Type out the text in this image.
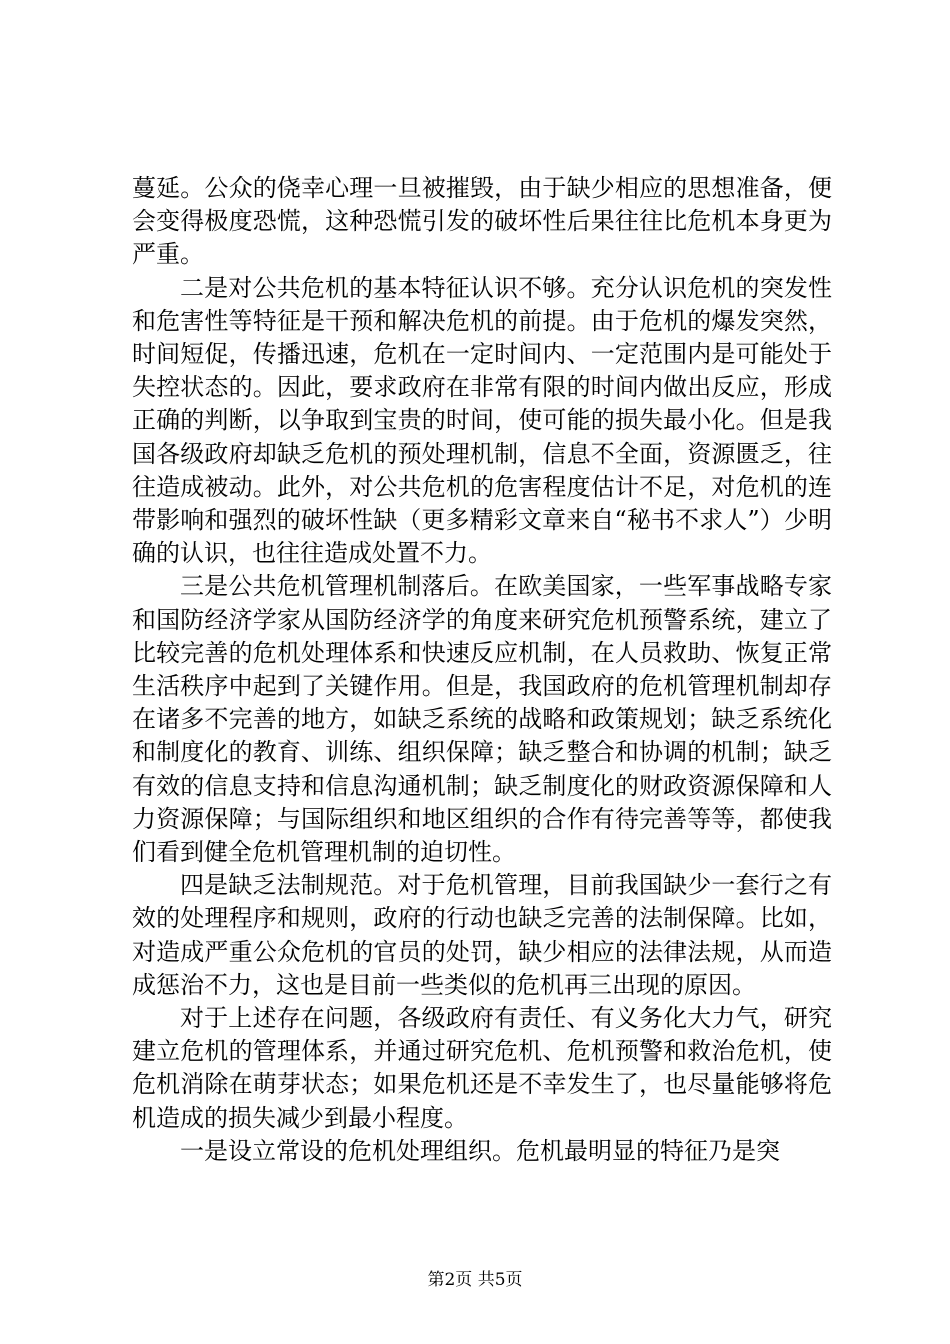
蔓延。公众的侥幸心理一旦被摧毁，由于缺少相应的思想准备，便会变得极度恐慌，这种恐慌引发的破坏性后果往往比危机本身更为严重。

二是对公共危机的基本特征认识不够。充分认识危机的突发性和危害性等特征是干预和解决危机的前提。由于危机的爆发突然，时间短促，传播迅速，危机在一定时间内、一定范围内是可能处于失控状态的。因此，要求政府在非常有限的时间内做出反应，形成正确的判断，以争取到宝贵的时间，使可能的损失最小化。但是我国各级政府却缺乏危机的预处理机制，信息不全面，资源匮乏，往往造成被动。此外，对公共危机的危害程度估计不足，对危机的连带影响和强烈的破坏性缺（更多精彩文章来自“秘书不求人”）少明确的认识，也往往造成处置不力。

三是公共危机管理机制落后。在欧美国家，一些军事战略专家和国防经济学家从国防经济学的角度来研究危机预警系统，建立了比较完善的危机处理体系和快速反应机制，在人员救助、恢复正常生活秩序中起到了关键作用。但是，我国政府的危机管理机制却存在诸多不完善的地方，如缺乏系统的战略和政策规划；缺乏系统化和制度化的教育、训练、组织保障；缺乏整合和协调的机制；缺乏有效的信息支持和信息沟通机制；缺乏制度化的财政资源保障和人力资源保障；与国际组织和地区组织的合作有待完善等等，都使我们看到健全危机管理机制的迫切性。

四是缺乏法制规范。对于危机管理，目前我国缺少一套行之有效的处理程序和规则，政府的行动也缺乏完善的法制保障。比如，对造成严重公众危机的官员的处罚，缺少相应的法律法规，从而造成惩治不力，这也是目前一些类似的危机再三出现的原因。

对于上述存在问题，各级政府有责任、有义务化大力气，研究建立危机的管理体系，并通过研究危机、危机预警和救治危机，使危机消除在萌芽状态；如果危机还是不幸发生了，也尽量能够将危机造成的损失减少到最小程度。

一是设立常设的危机处理组织。危机最明显的特征乃是突

第2页 共5页
